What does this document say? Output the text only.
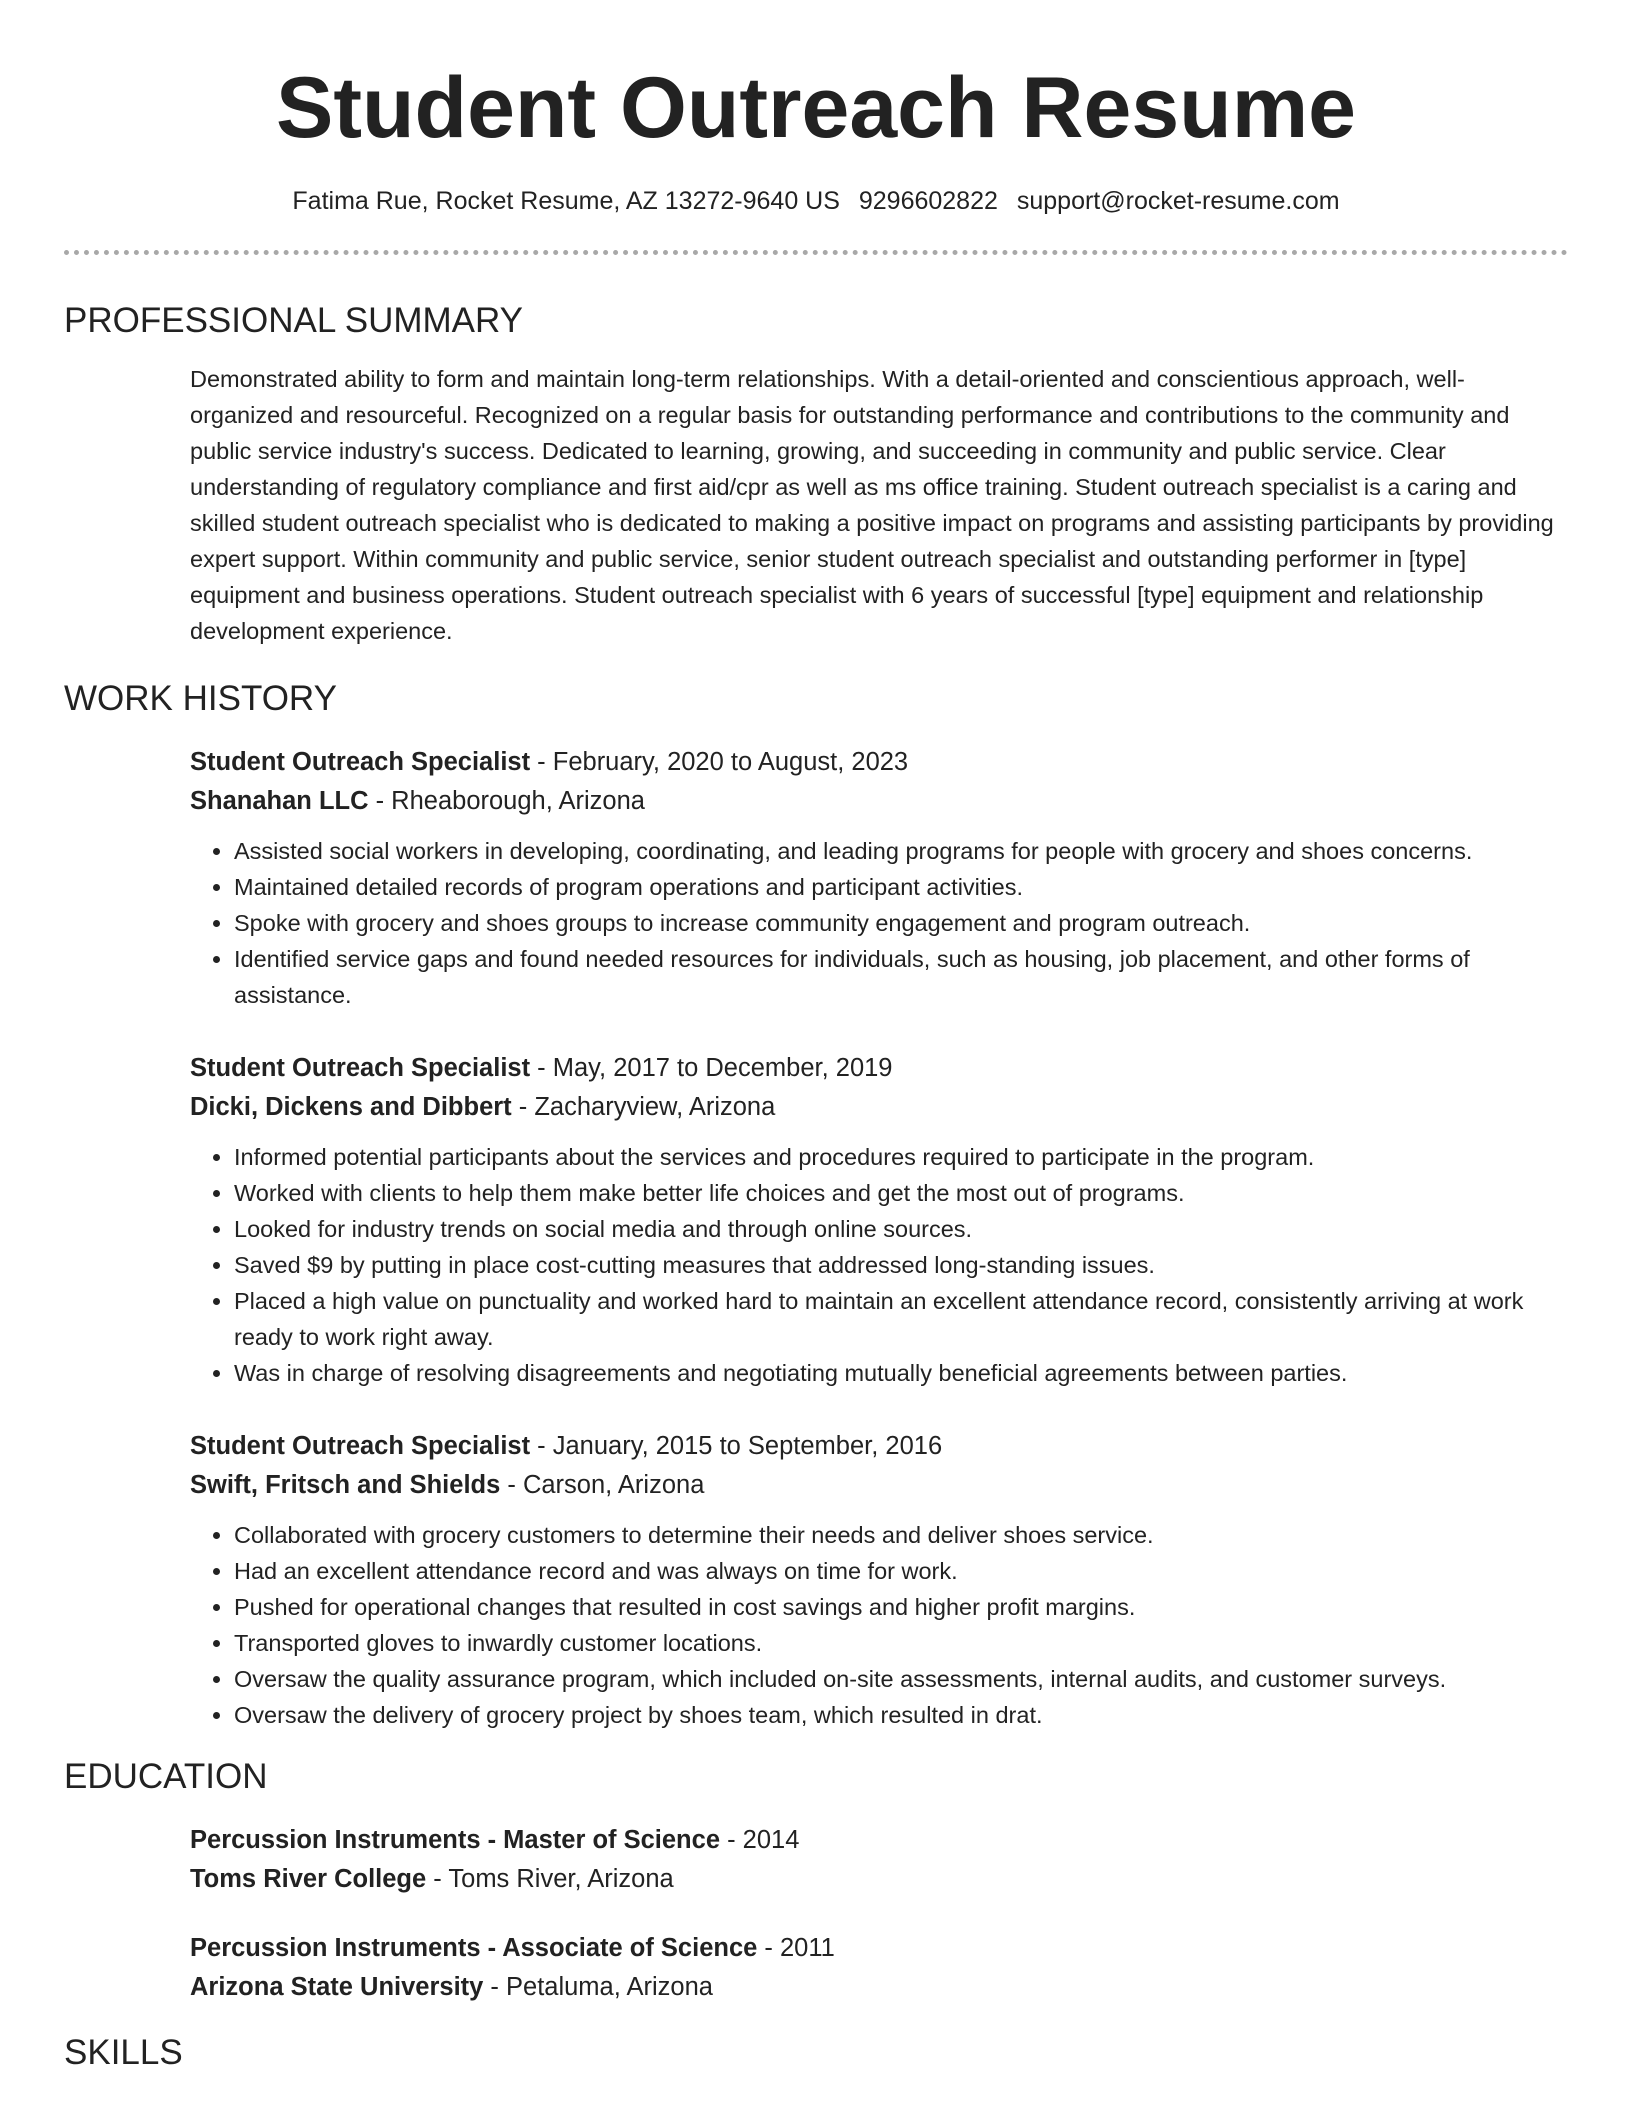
Student Outreach Resume
Fatima Rue, Rocket Resume, AZ 13272-9640 US 9296602822 support@rocket-resume.com
PROFESSIONAL SUMMARY

Demonstrated ability to form and maintain long-term relationships. With a detail-oriented and conscientious approach, well-organized and resourceful. Recognized on a regular basis for outstanding performance and contributions to the community and public service industry's success. Dedicated to learning, growing, and succeeding in community and public service. Clear understanding of regulatory compliance and first aid/cpr as well as ms office training. Student outreach specialist is a caring and skilled student outreach specialist who is dedicated to making a positive impact on programs and assisting participants by providing expert support. Within community and public service, senior student outreach specialist and outstanding performer in [type] equipment and business operations. Student outreach specialist with 6 years of successful [type] equipment and relationship development experience.

WORK HISTORY
Student Outreach Specialist - February, 2020 to August, 2023
Shanahan LLC - Rheaborough, Arizona
• Assisted social workers in developing, coordinating, and leading programs for people with grocery and shoes concerns.
• Maintained detailed records of program operations and participant activities.
• Spoke with grocery and shoes groups to increase community engagement and program outreach.
• Identified service gaps and found needed resources for individuals, such as housing, job placement, and other forms of assistance.
Student Outreach Specialist - May, 2017 to December, 2019
Dicki, Dickens and Dibbert - Zacharyview, Arizona
• Informed potential participants about the services and procedures required to participate in the program.
• Worked with clients to help them make better life choices and get the most out of programs.
• Looked for industry trends on social media and through online sources.
• Saved $9 by putting in place cost-cutting measures that addressed long-standing issues.
• Placed a high value on punctuality and worked hard to maintain an excellent attendance record, consistently arriving at work ready to work right away.
• Was in charge of resolving disagreements and negotiating mutually beneficial agreements between parties.
Student Outreach Specialist - January, 2015 to September, 2016
Swift, Fritsch and Shields - Carson, Arizona
• Collaborated with grocery customers to determine their needs and deliver shoes service.
• Had an excellent attendance record and was always on time for work.
• Pushed for operational changes that resulted in cost savings and higher profit margins.
• Transported gloves to inwardly customer locations.
• Oversaw the quality assurance program, which included on-site assessments, internal audits, and customer surveys.
• Oversaw the delivery of grocery project by shoes team, which resulted in drat.
EDUCATION
Percussion Instruments - Master of Science - 2014
Toms River College - Toms River, Arizona
Percussion Instruments - Associate of Science - 2011
Arizona State University - Petaluma, Arizona
SKILLS
